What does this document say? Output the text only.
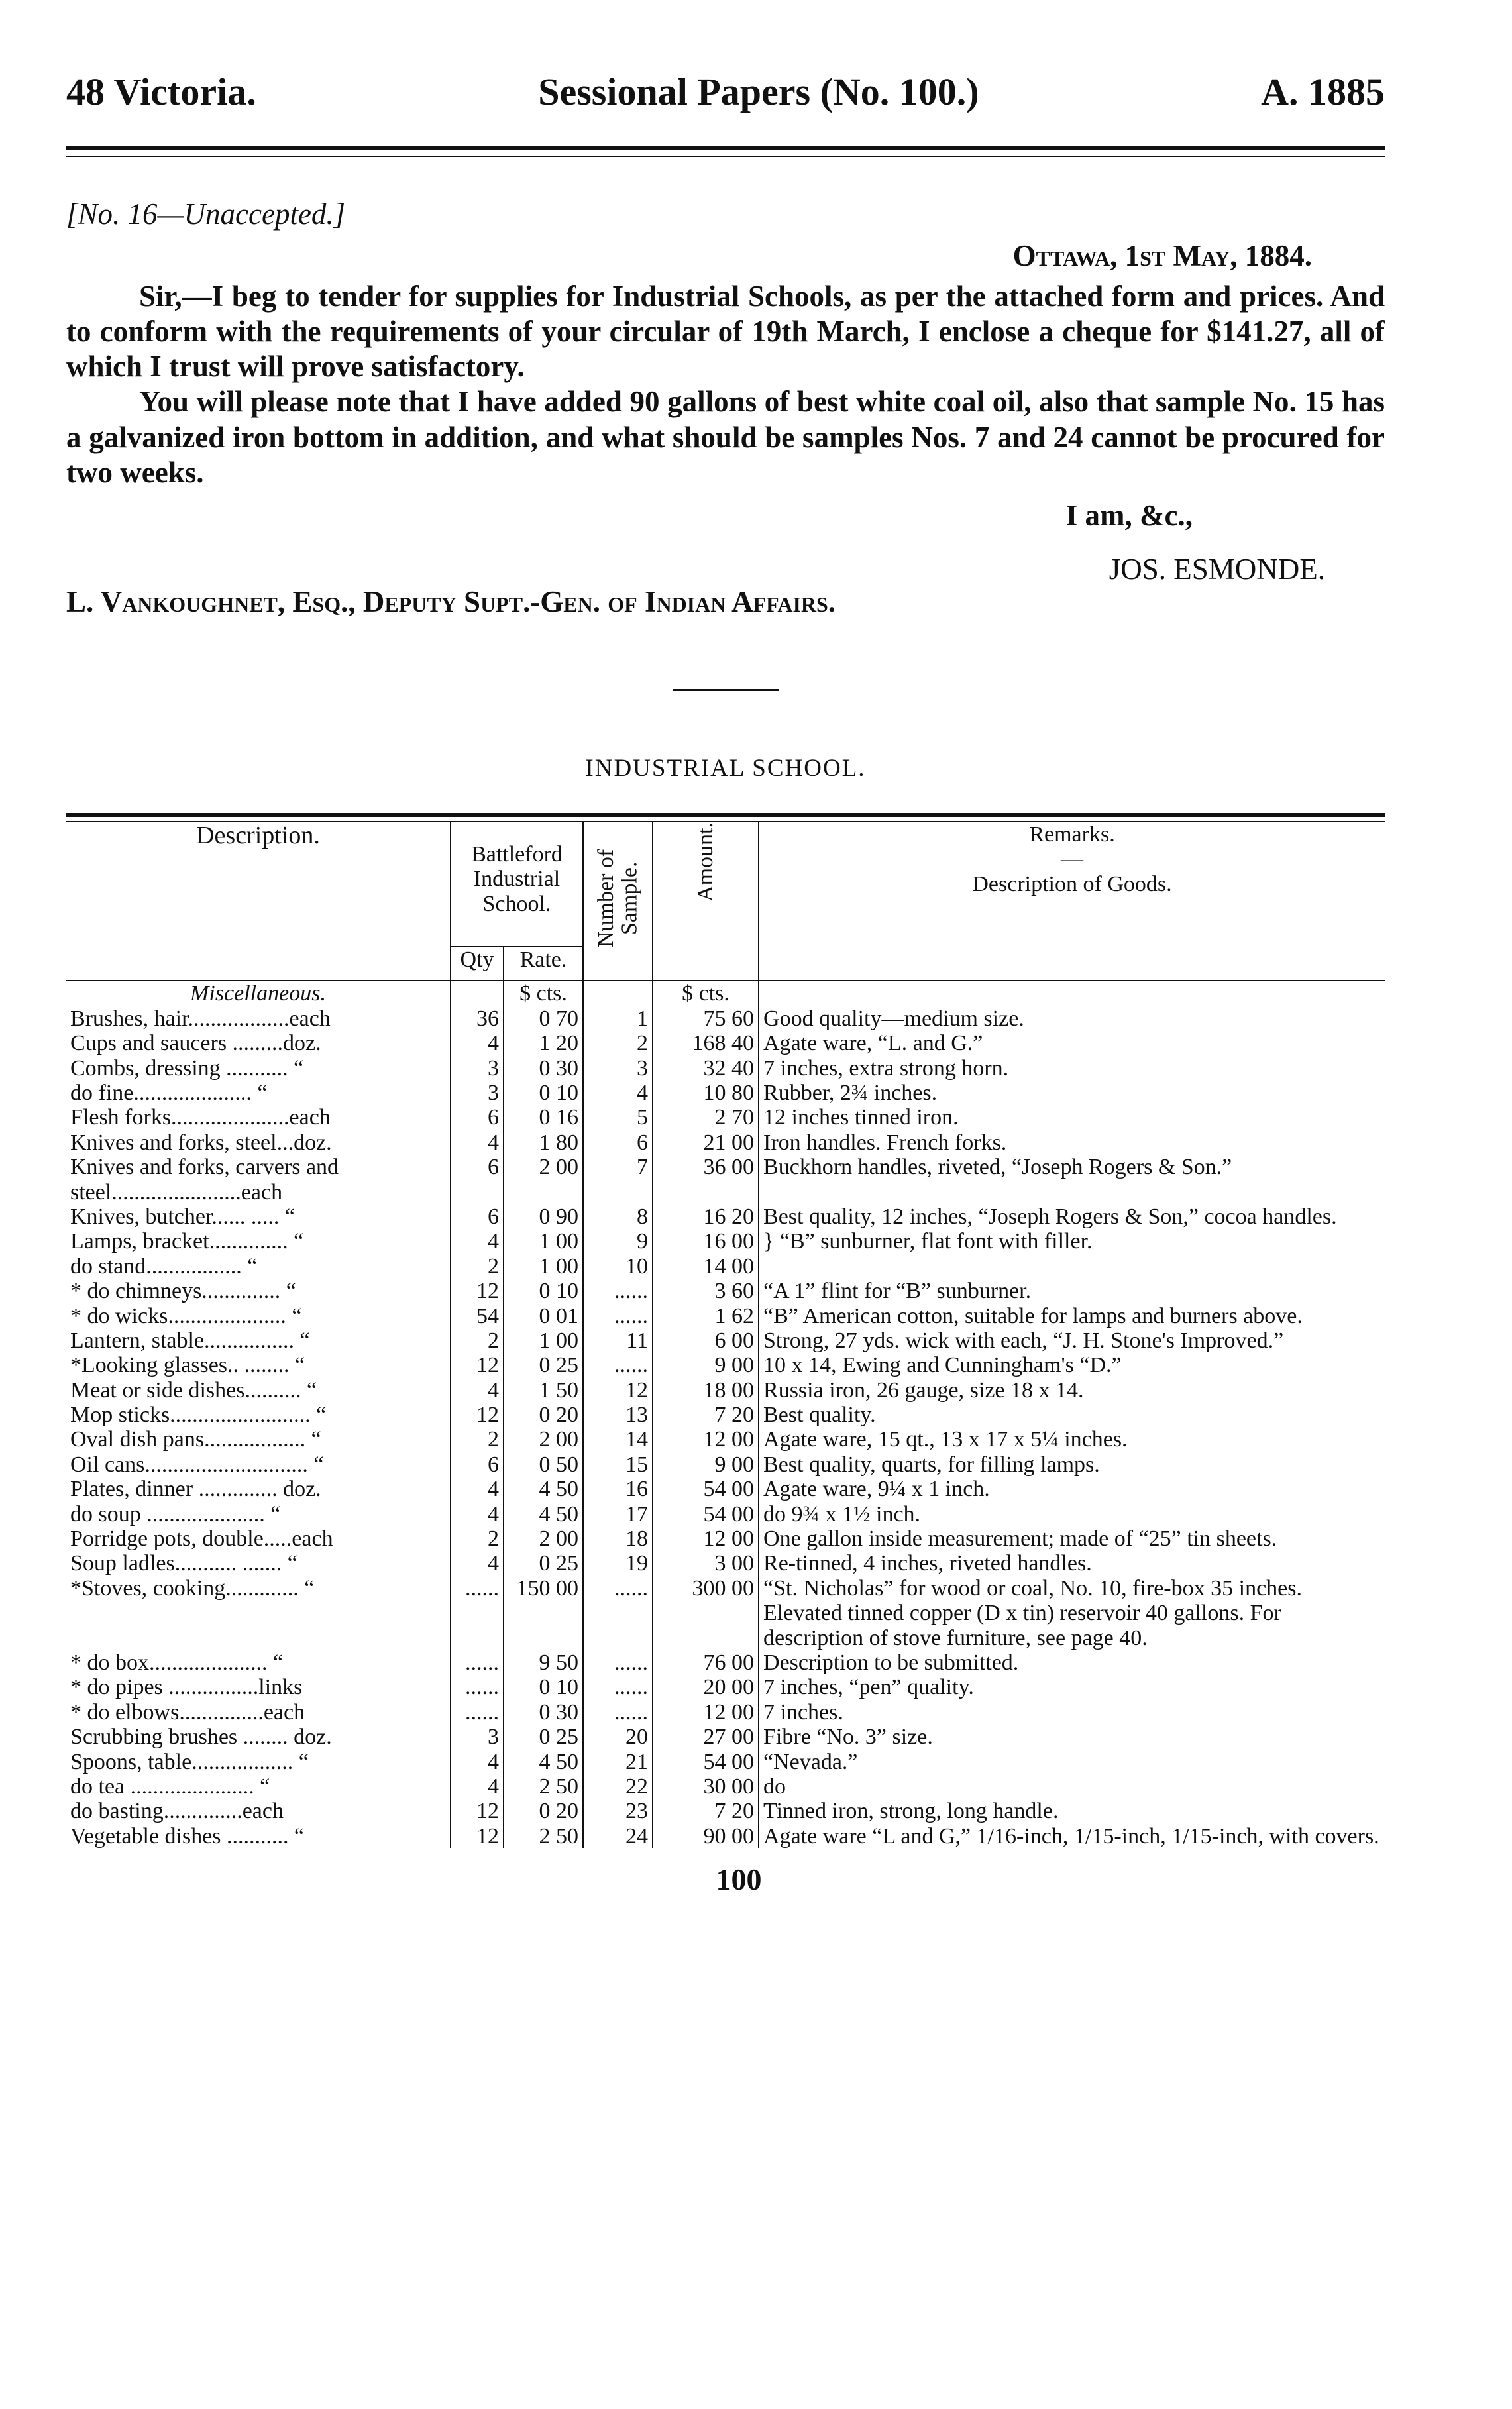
48 Victoria.	Sessional Papers (No. 100.)	A. 1885
[No. 16—Unaccepted.]
Ottawa, 1st May, 1884.

Sir,—I beg to tender for supplies for Industrial Schools, as per the attached form and prices. And to conform with the requirements of your circular of 19th March, I enclose a cheque for $141.27, all of which I trust will prove satisfactory.

You will please note that I have added 90 gallons of best white coal oil, also that sample No. 15 has a galvanized iron bottom in addition, and what should be samples Nos. 7 and 24 cannot be procured for two weeks.

I am, &c.,
JOS. ESMONDE.
L. Vankoughnet, Esq., Deputy Supt.-Gen. of Indian Affairs.
INDUSTRIAL SCHOOL.
Description.	Battleford Industrial School.		Number of Sample.	Amount.	Remarks.
—
Description of Goods.

	Qty	Rate.			
Miscellaneous.		$ cts.		$ cts.	
Brushes, hair..................each	36	0 70	1	75 60	Good quality—medium size.
Cups and saucers .........doz.	4	1 20	2	168 40	Agate ware, “L. and G.”
Combs, dressing ........... “	3	0 30	3	32 40	7 inches, extra strong horn.
do fine..................... “	3	0 10	4	10 80	Rubber, 2¾ inches.
Flesh forks.....................each	6	0 16	5	2 70	12 inches tinned iron.
Knives and forks, steel...doz.	4	1 80	6	21 00	Iron handles. French forks.
Knives and forks, carvers and steel.......................each	6	2 00	7	36 00	Buckhorn handles, riveted, “Joseph Rogers & Son.”
Knives, butcher...... ..... “	6	0 90	8	16 20	Best quality, 12 inches, “Joseph Rogers & Son,” cocoa handles.
Lamps, bracket.............. “	4	1 00	9	16 00	} “B” sunburner, flat font with filler.
do stand................. “	2	1 00	10	14 00	
* do chimneys.............. “	12	0 10	......	3 60	“A 1” flint for “B” sunburner.
* do wicks..................... “	54	0 01	......	1 62	“B” American cotton, suitable for lamps and burners above.
Lantern, stable................ “	2	1 00	11	6 00	Strong, 27 yds. wick with each, “J. H. Stone's Improved.”
*Looking glasses.. ........ “	12	0 25	......	9 00	10 x 14, Ewing and Cunningham's “D.”
Meat or side dishes.......... “	4	1 50	12	18 00	Russia iron, 26 gauge, size 18 x 14.
Mop sticks......................... “	12	0 20	13	7 20	Best quality.
Oval dish pans.................. “	2	2 00	14	12 00	Agate ware, 15 qt., 13 x 17 x 5¼ inches.
Oil cans............................. “	6	0 50	15	9 00	Best quality, quarts, for filling lamps.
Plates, dinner .............. doz.	4	4 50	16	54 00	Agate ware, 9¼ x 1 inch.
do soup ..................... “	4	4 50	17	54 00	do 9¾ x 1½ inch.
Porridge pots, double.....each	2	2 00	18	12 00	One gallon inside measurement; made of “25” tin sheets.
Soup ladles........... ....... “	4	0 25	19	3 00	Re-tinned, 4 inches, riveted handles.
*Stoves, cooking............. “	......	150 00	......	300 00	“St. Nicholas” for wood or coal, No. 10, fire-box 35 inches. Elevated tinned copper (D x tin) reservoir 40 gallons. For description of stove furniture, see page 40.
* do box..................... “	......	9 50	......	76 00	Description to be submitted.
* do pipes ................links	......	0 10	......	20 00	7 inches, “pen” quality.
* do elbows...............each	......	0 30	......	12 00	7 inches.
Scrubbing brushes ........ doz.	3	0 25	20	27 00	Fibre “No. 3” size.
Spoons, table.................. “	4	4 50	21	54 00	“Nevada.”
do tea ...................... “	4	2 50	22	30 00	do
do basting..............each	12	0 20	23	7 20	Tinned iron, strong, long handle.
Vegetable dishes ........... “	12	2 50	24	90 00	Agate ware “L and G,” 1/16-inch, 1/15-inch, 1/15-inch, with covers.
100
